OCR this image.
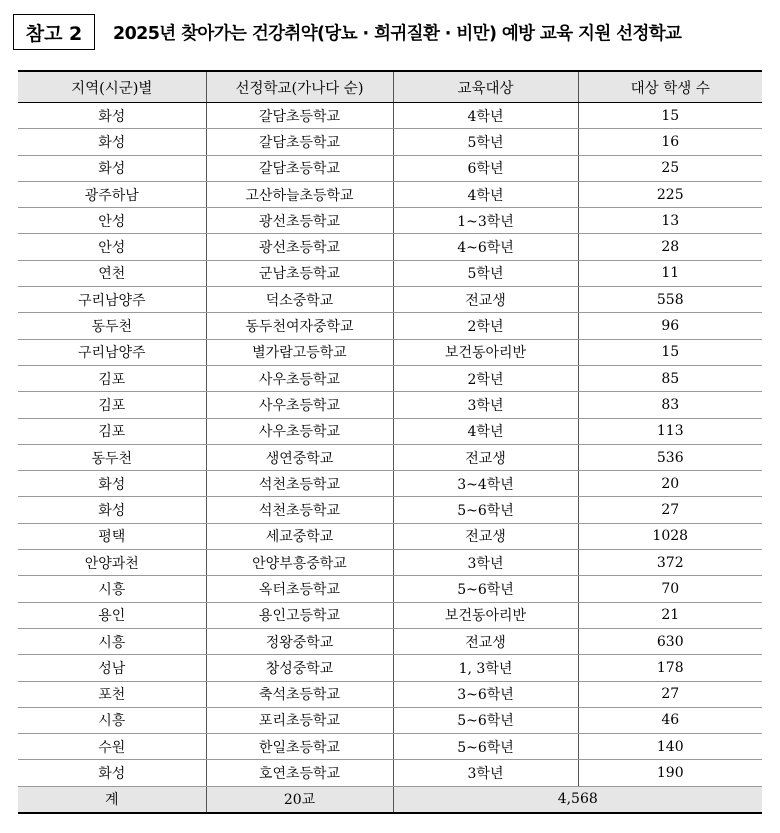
참고 2	2025년 찾아가는 건강취약(당뇨 · 희귀질환 · 비만) 예방 교육 지원 선정학교
지역(시군)별	선정학교(가나다 순)	교육대상	대상 학생 수
화성	갈담초등학교	4학년	15
화성	갈담초등학교	5학년	16
화성	갈담초등학교	6학년	25
광주하남	고산하늘초등학교	4학년	225
안성	광선초등학교	1~3학년	13
안성	광선초등학교	4~6학년	28
연천	군남초등학교	5학년	11
구리남양주	덕소중학교	전교생	558
동두천	동두천여자중학교	2학년	96
구리남양주	별가람고등학교	보건동아리반	15
김포	사우초등학교	2학년	85
김포	사우초등학교	3학년	83
김포	사우초등학교	4학년	113
동두천	생연중학교	전교생	536
화성	석천초등학교	3~4학년	20
화성	석천초등학교	5~6학년	27
평택	세교중학교	전교생	1028
안양과천	안양부흥중학교	3학년	372
시흥	옥터초등학교	5~6학년	70
용인	용인고등학교	보건동아리반	21
시흥	정왕중학교	전교생	630
성남	창성중학교	1, 3학년	178
포천	축석초등학교	3~6학년	27
시흥	포리초등학교	5~6학년	46
수원	한일초등학교	5~6학년	140
화성	호연초등학교	3학년	190
계	20교	4,568	
